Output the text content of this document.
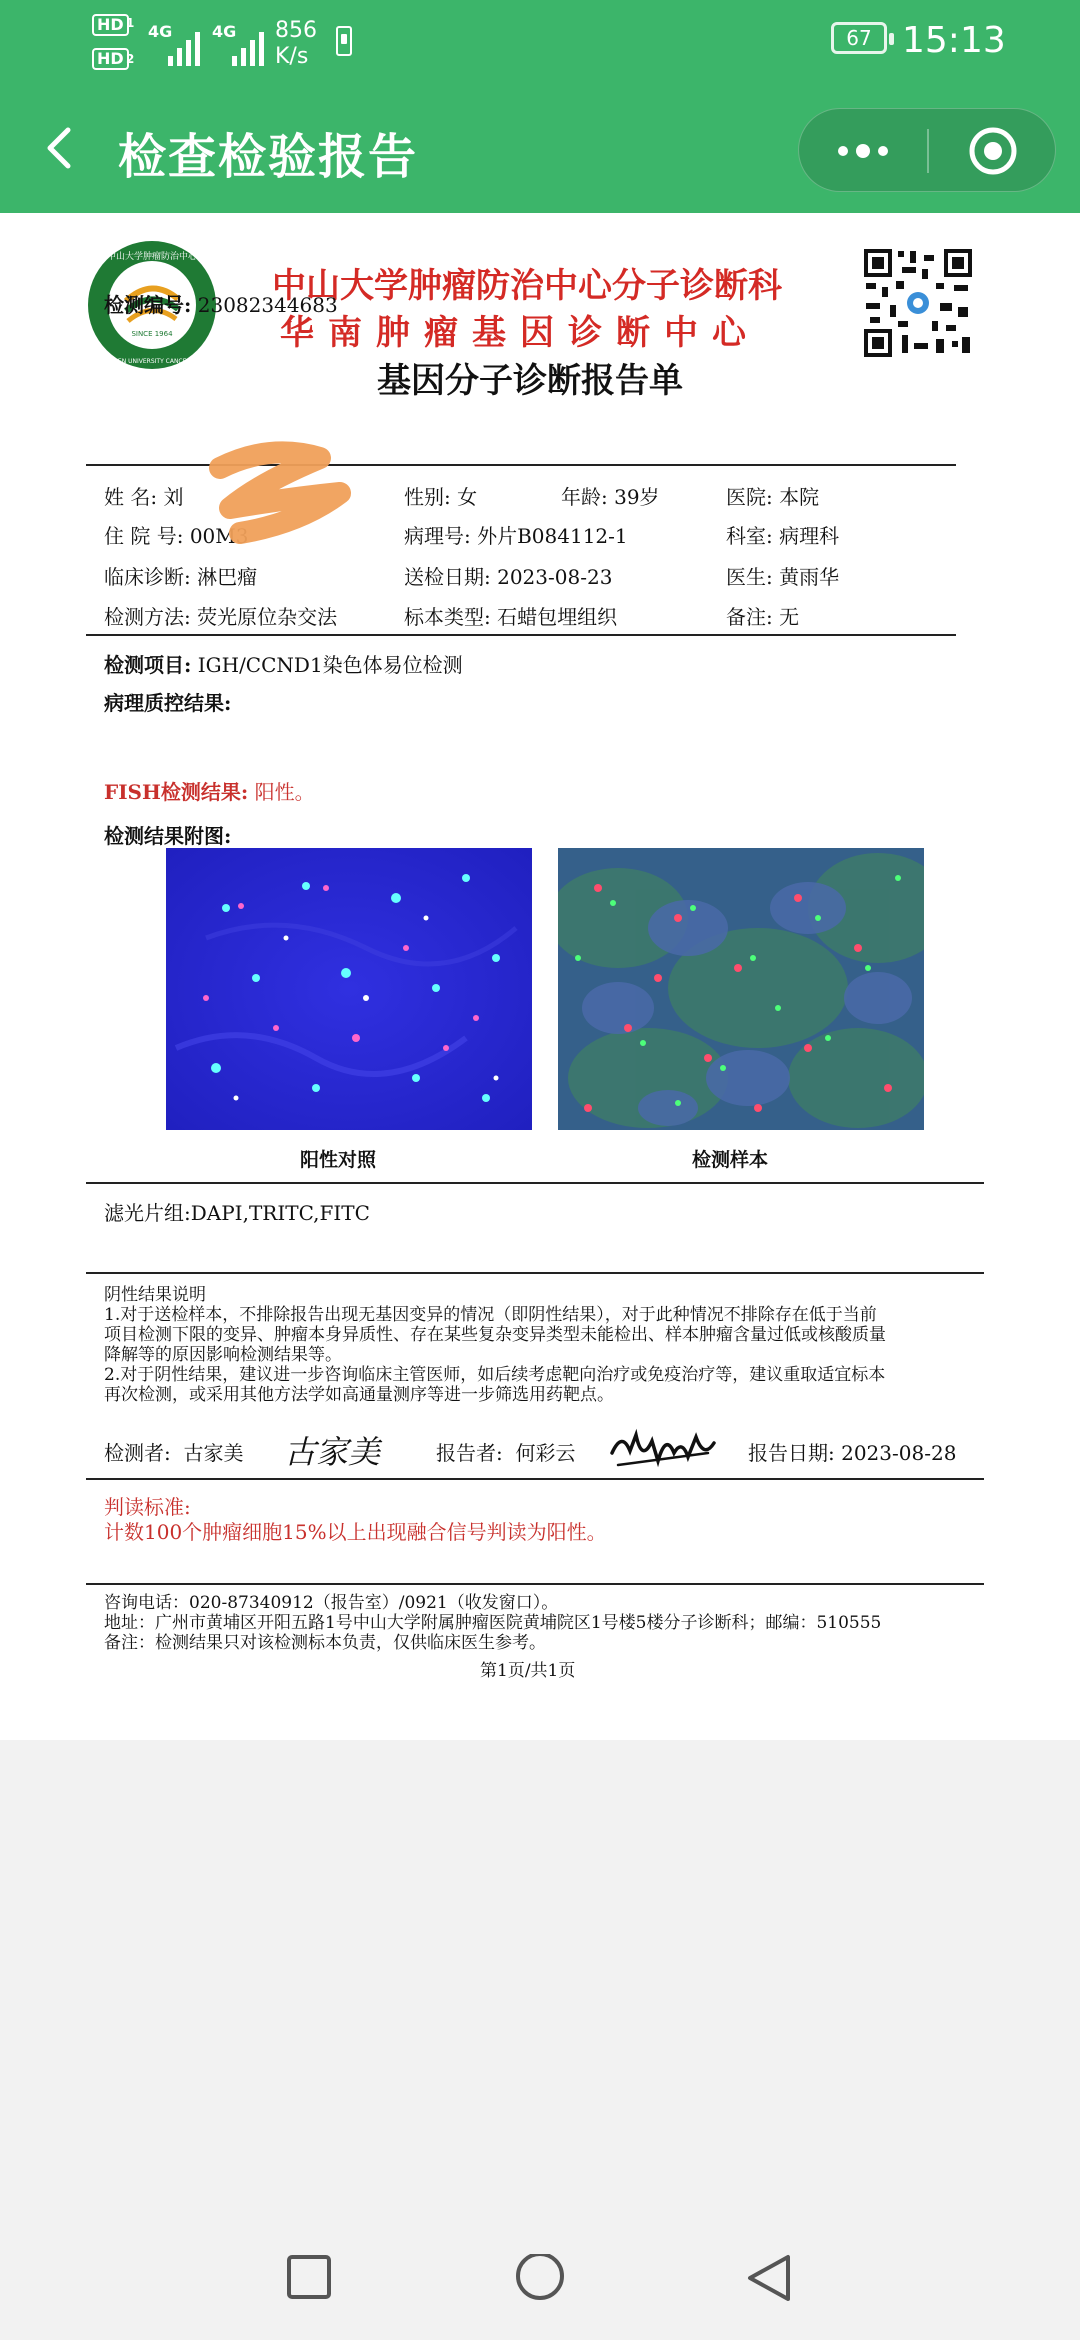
HD 1
HD 2
4G 4G 856
K/s
67 15:13
检查检验报告
SINCE 1964
中山大学肿瘤防治中心
SUN YAT-SEN UNIVERSITY CANCER CENTER
中山大学肿瘤防治中心分子诊断科
华南肿瘤基因诊断中心
基因分子诊断报告单
检测编号: 23082344683
姓 名: 刘	性别: 女	年龄: 39岁	医院: 本院
住 院 号: 00M3	病理号: 外片B084112-1	科室: 病理科
临床诊断: 淋巴瘤	送检日期: 2023-08-23	医生: 黄雨华
检测方法: 荧光原位杂交法	标本类型: 石蜡包埋组织	备注: 无
检测项目: IGH/CCND1染色体易位检测
病理质控结果:
FISH检测结果: 阳性。
检测结果附图:
阳性对照	检测样本
滤光片组:DAPI,TRITC,FITC
阴性结果说明
1.对于送检样本，不排除报告出现无基因变异的情况（即阴性结果），对于此种情况不排除存在低于当前
项目检测下限的变异、肿瘤本身异质性、存在某些复杂变异类型未能检出、样本肿瘤含量过低或核酸质量
降解等的原因影响检测结果等。
2.对于阴性结果，建议进一步咨询临床主管医师，如后续考虑靶向治疗或免疫治疗等，建议重取适宜标本
再次检测，或采用其他方法学如高通量测序等进一步筛选用药靶点。
检测者: 古家美 古家美	报告者: 何彩云	报告日期: 2023-08-28
判读标准:
计数100个肿瘤细胞15%以上出现融合信号判读为阳性。
咨询电话：020-87340912（报告室）/0921（收发窗口）。
地址：广州市黄埔区开阳五路1号中山大学附属肿瘤医院黄埔院区1号楼5楼分子诊断科；邮编：510555
备注：检测结果只对该检测标本负责，仅供临床医生参考。
第1页/共1页
